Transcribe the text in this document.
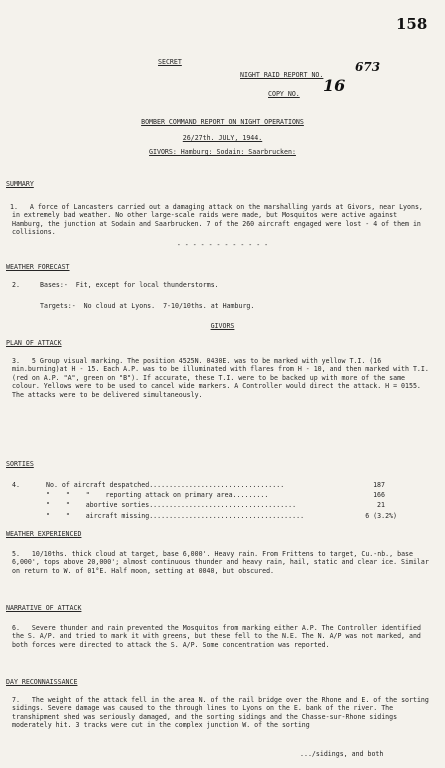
158
SECRET
NIGHT RAID REPORT NO.
673
COPY NO. 16
BOMBER COMMAND REPORT ON NIGHT OPERATIONS
26/27th. JULY, 1944.
GIVORS: Hamburg: Sodain: Saarbrucken:
SUMMARY
1. A force of Lancasters carried out a damaging attack on the marshalling yards at Givors, near Lyons, in extremely bad weather. No other large-scale raids were made, but Mosquitos were active against Hamburg, the junction at Sodain and Saarbrucken. 7 of the 260 aircraft engaged were lost - 4 of them in collisions.
- - - - - - - - - - - -
WEATHER FORECAST
2.	Bases:-  Fit, except for local thunderstorms.
Targets:-  No cloud at Lyons.  7-10/10ths. at Hamburg.
GIVORS
PLAN OF ATTACK
3. 5 Group visual marking. The position 4525N. 0430E. was to be marked with yellow T.I. (16 min.burning)at H - 15. Each A.P. was to be illuminated with flares from H - 10, and then marked with T.I. (red on A.P. "A", green on "B"). If accurate, these T.I. were to be backed up with more of the same colour. Yellows were to be used to cancel wide markers. A Controller would direct the attack. H = 0155. The attacks were to be delivered simultaneously.
SORTIES
4.	No. of aircraft despatched..................................	187
"    "    "    reporting attack on primary area.........	166
"    "    abortive sorties.....................................	21
"    "    aircraft missing.......................................	6 (3.2%)
WEATHER EXPERIENCED
5. 10/10ths. thick cloud at target, base 6,000'. Heavy rain. From Frittens to target, Cu.-nb., base 6,000', tops above 20,000'; almost continuous thunder and heavy rain, hail, static and clear ice. Similar on return to W. of 01°E. Half moon, setting at 0040, but obscured.
NARRATIVE OF ATTACK
6. Severe thunder and rain prevented the Mosquitos from marking either A.P. The Controller identified the S. A/P. and tried to mark it with greens, but these fell to the N.E. The N. A/P was not marked, and both forces were directed to attack the S. A/P. Some concentration was reported.
DAY RECONNAISSANCE
7. The weight of the attack fell in the area N. of the rail bridge over the Rhone and E. of the sorting sidings. Severe damage was caused to the through lines to Lyons on the E. bank of the river. The transhipment shed was seriously damaged, and the sorting sidings and the Chasse-sur-Rhone sidings moderately hit. 3 tracks were cut in the complex junction W. of the sorting
.../sidings, and both
